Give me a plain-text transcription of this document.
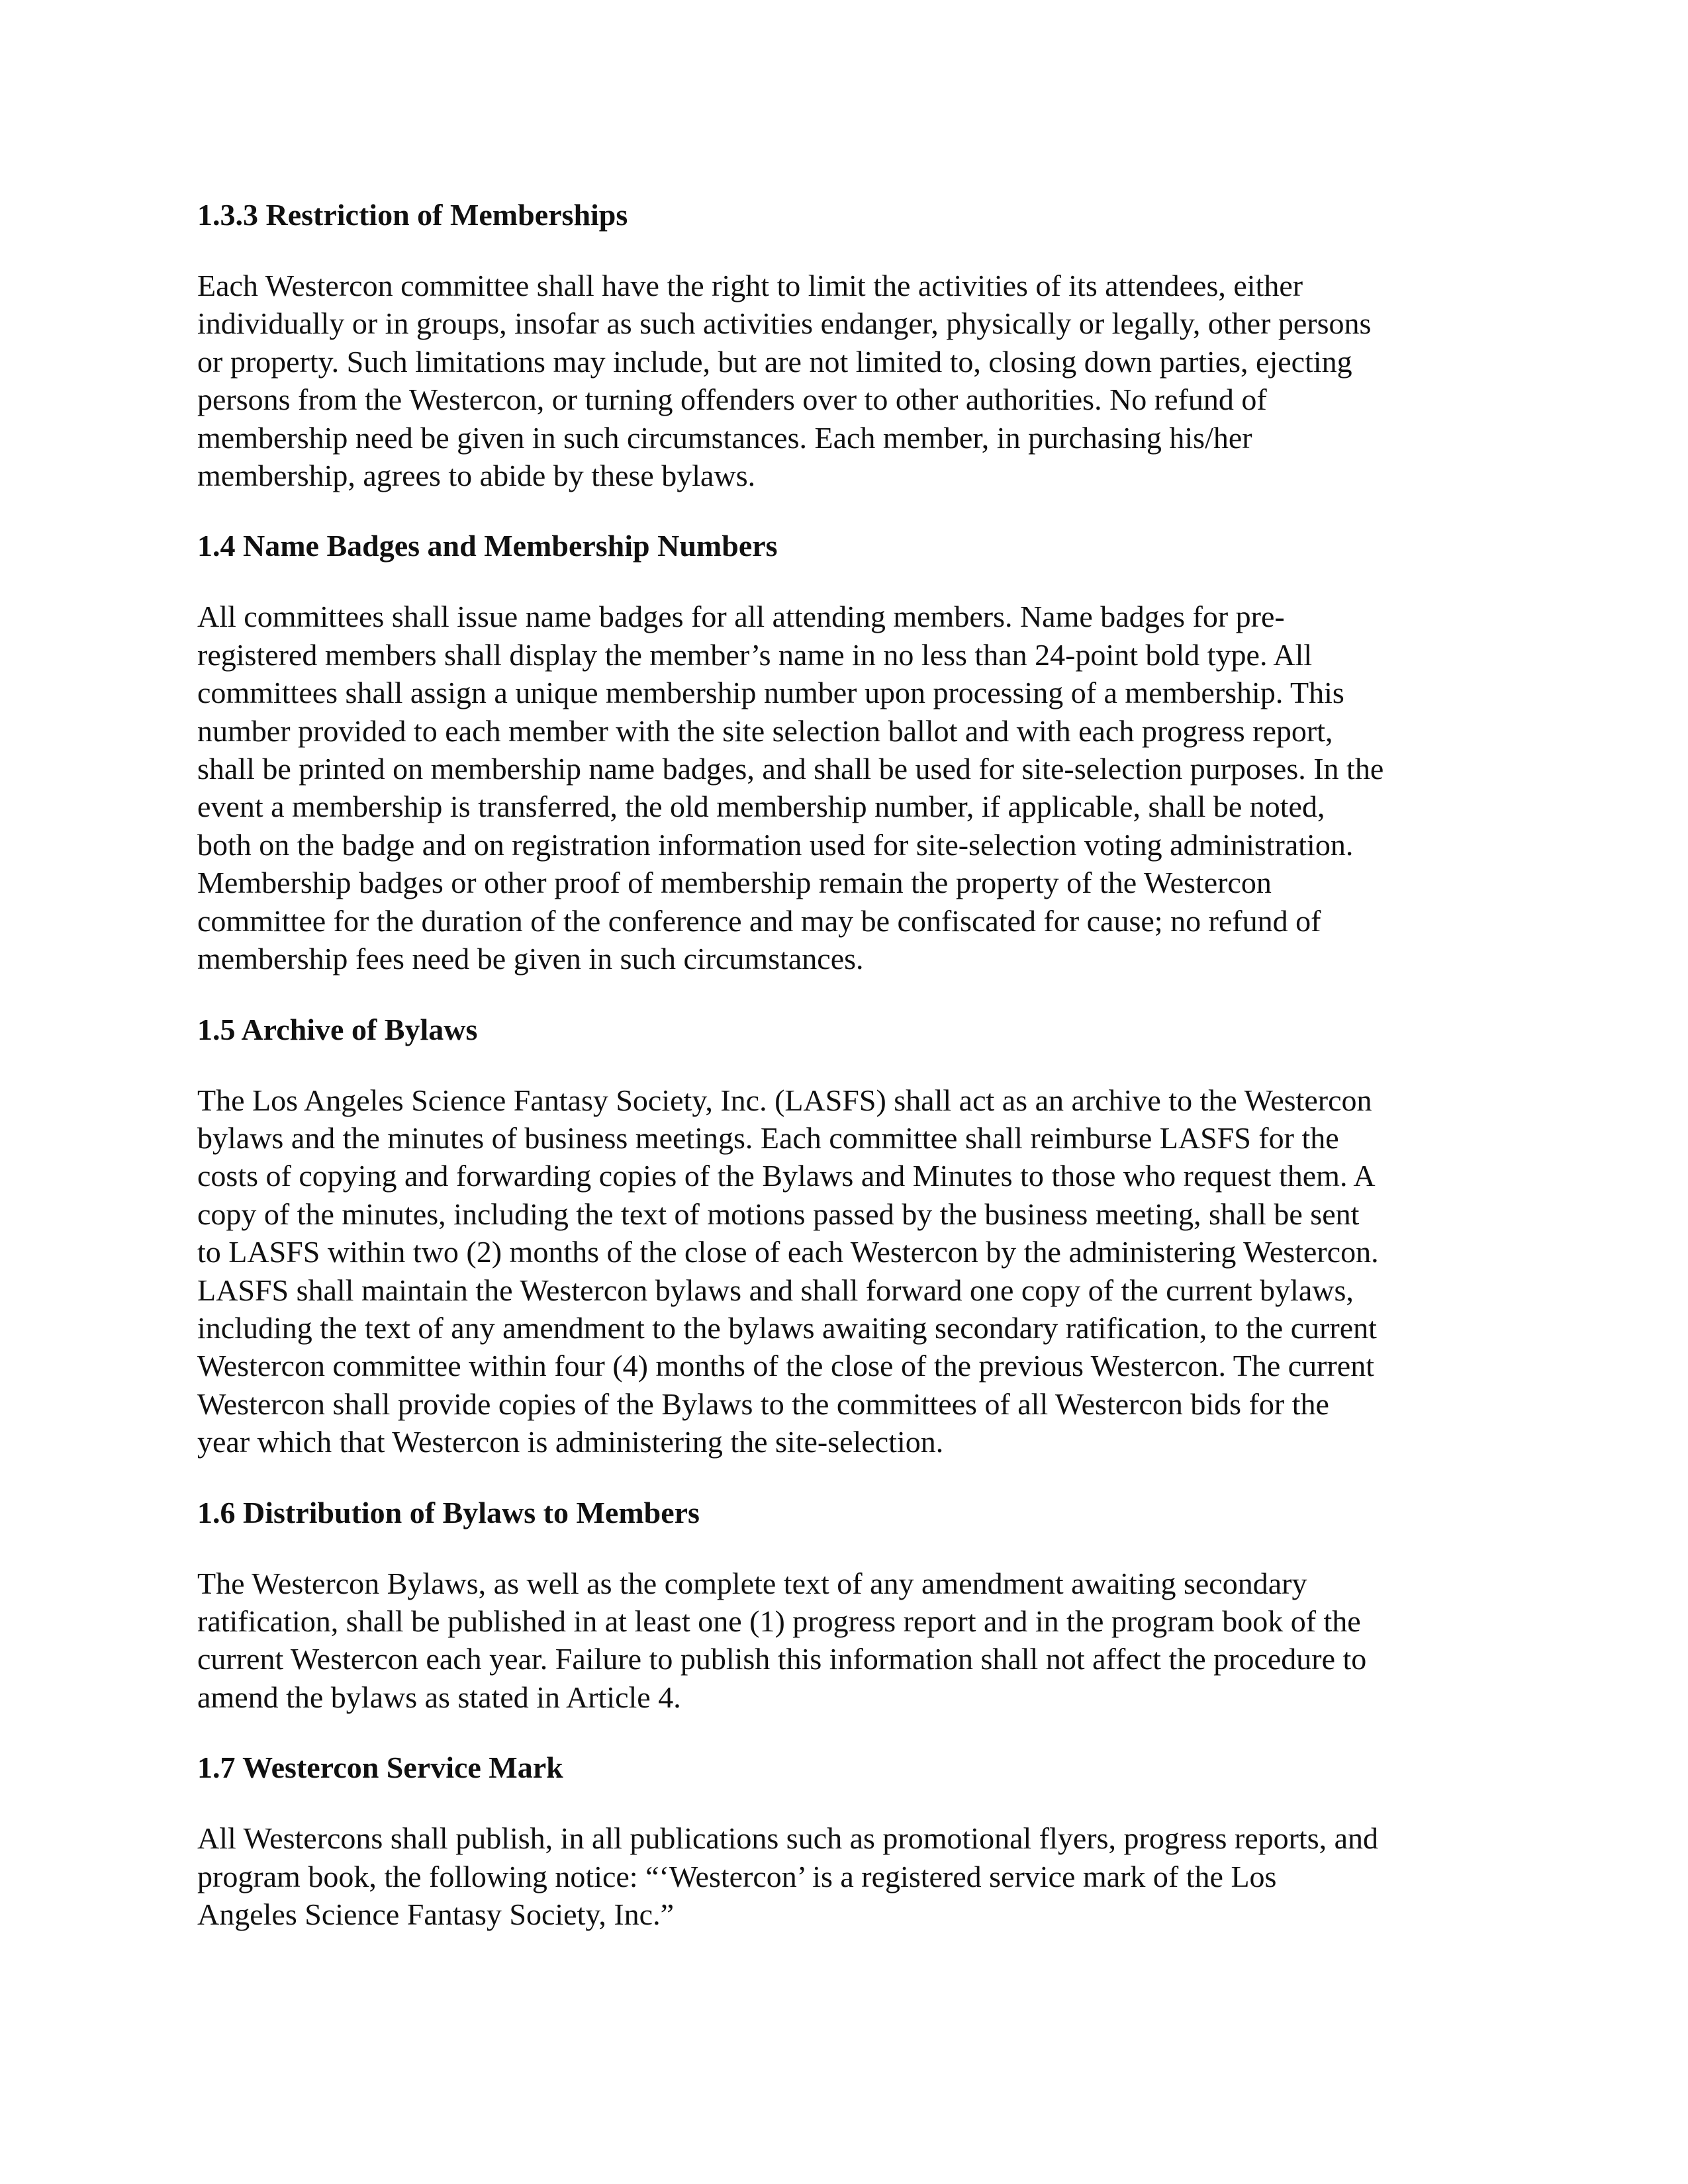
1.3.3 Restriction of Memberships

Each Westercon committee shall have the right to limit the activities of its attendees, either
individually or in groups, insofar as such activities endanger, physically or legally, other persons
or property. Such limitations may include, but are not limited to, closing down parties, ejecting
persons from the Westercon, or turning offenders over to other authorities. No refund of
membership need be given in such circumstances. Each member, in purchasing his/her
membership, agrees to abide by these bylaws.

1.4 Name Badges and Membership Numbers

All committees shall issue name badges for all attending members. Name badges for pre-
registered members shall display the member’s name in no less than 24-point bold type. All
committees shall assign a unique membership number upon processing of a membership. This
number provided to each member with the site selection ballot and with each progress report,
shall be printed on membership name badges, and shall be used for site-selection purposes. In the
event a membership is transferred, the old membership number, if applicable, shall be noted,
both on the badge and on registration information used for site-selection voting administration.
Membership badges or other proof of membership remain the property of the Westercon
committee for the duration of the conference and may be confiscated for cause; no refund of
membership fees need be given in such circumstances.

1.5 Archive of Bylaws

The Los Angeles Science Fantasy Society, Inc. (LASFS) shall act as an archive to the Westercon
bylaws and the minutes of business meetings. Each committee shall reimburse LASFS for the
costs of copying and forwarding copies of the Bylaws and Minutes to those who request them. A
copy of the minutes, including the text of motions passed by the business meeting, shall be sent
to LASFS within two (2) months of the close of each Westercon by the administering Westercon.
LASFS shall maintain the Westercon bylaws and shall forward one copy of the current bylaws,
including the text of any amendment to the bylaws awaiting secondary ratification, to the current
Westercon committee within four (4) months of the close of the previous Westercon. The current
Westercon shall provide copies of the Bylaws to the committees of all Westercon bids for the
year which that Westercon is administering the site-selection.

1.6 Distribution of Bylaws to Members

The Westercon Bylaws, as well as the complete text of any amendment awaiting secondary
ratification, shall be published in at least one (1) progress report and in the program book of the
current Westercon each year. Failure to publish this information shall not affect the procedure to
amend the bylaws as stated in Article 4.

1.7 Westercon Service Mark

All Westercons shall publish, in all publications such as promotional flyers, progress reports, and
program book, the following notice: “‘Westercon’ is a registered service mark of the Los
Angeles Science Fantasy Society, Inc.”
